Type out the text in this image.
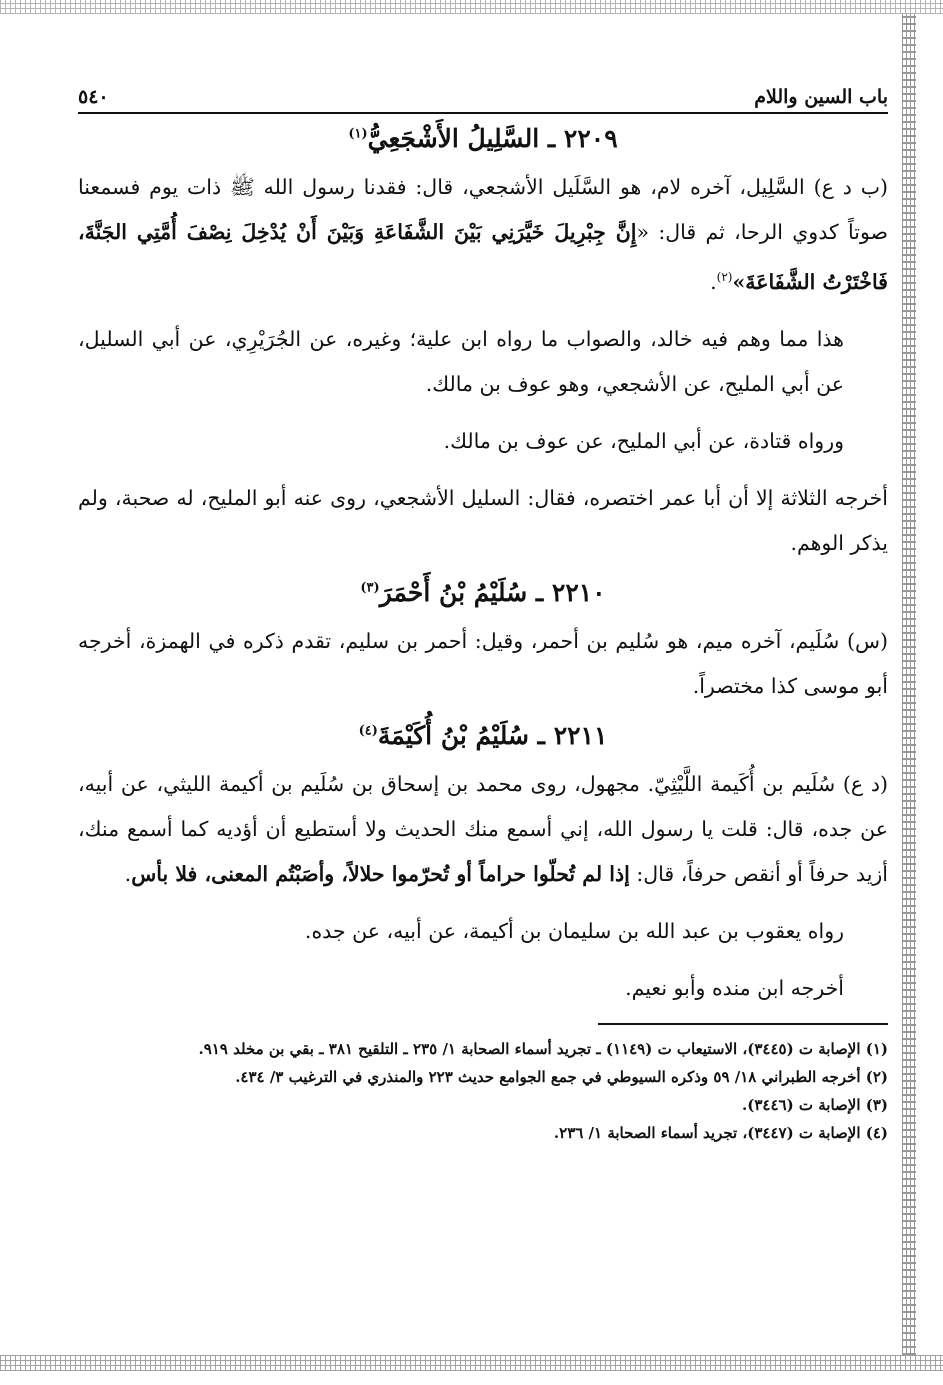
باب السين واللام
٥٤٠
٢٢٠٩ ـ السَّلِيلُ الأَشْجَعِيُّ$^{(١)}$

(ب د ع) السَّلِيل، آخره لام، هو السَّلَيل الأشجعي، قال: فقدنا رسول الله ﷺ ذات يوم فسمعنا صوتاً كدوي الرحا، ثم قال: «إِنَّ جِبْرِيلَ خَيَّرَنِي بَيْنَ الشَّفَاعَةِ وَبَيْنَ أَنْ يُدْخِلَ نِصْفَ أُمَّتِي الجَنَّةَ، فَاخْتَرْتُ الشَّفَاعَةَ»$^{(٢)}$.

هذا مما وهم فيه خالد، والصواب ما رواه ابن علية؛ وغيره، عن الجُرَيْرِي، عن أبي السليل، عن أبي المليح، عن الأشجعي، وهو عوف بن مالك.

ورواه قتادة، عن أبي المليح، عن عوف بن مالك.

أخرجه الثلاثة إلا أن أبا عمر اختصره، فقال: السليل الأشجعي، روى عنه أبو المليح، له صحبة، ولم يذكر الوهم.

٢٢١٠ ـ سُلَيْمُ بْنُ أَحْمَرَ$^{(٣)}$

(س) سُلَيم، آخره ميم، هو سُليم بن أحمر، وقيل: أحمر بن سليم، تقدم ذكره في الهمزة، أخرجه أبو موسى كذا مختصراً.

٢٢١١ ـ سُلَيْمُ بْنُ أُكَيْمَةَ$^{(٤)}$

(د ع) سُلَيم بن أُكَيمة اللَّيْثِيّ. مجهول، روى محمد بن إسحاق بن سُلَيم بن أكيمة الليثي، عن أبيه، عن جده، قال: قلت يا رسول الله، إني أسمع منك الحديث ولا أستطيع أن أؤديه كما أسمع منك، أزيد حرفاً أو أنقص حرفاً، قال: إذا لم تُحلّوا حراماً أو تُحرّموا حلالاً، وأصَبْتُم المعنى، فلا بأس.

رواه يعقوب بن عبد الله بن سليمان بن أكيمة، عن أبيه، عن جده.

أخرجه ابن منده وأبو نعيم.

(١) الإصابة ت (٣٤٤٥)، الاستيعاب ت (١١٤٩) ـ تجريد أسماء الصحابة ١/ ٢٣٥ ـ التلقيح ٣٨١ ـ بقي بن مخلد ٩١٩.
(٢) أخرجه الطبراني ١٨/ ٥٩ وذكره السيوطي في جمع الجوامع حديث ٢٢٣ والمنذري في الترغيب ٣/ ٤٣٤.
(٣) الإصابة ت (٣٤٤٦).
(٤) الإصابة ت (٣٤٤٧)، تجريد أسماء الصحابة ١/ ٢٣٦.
